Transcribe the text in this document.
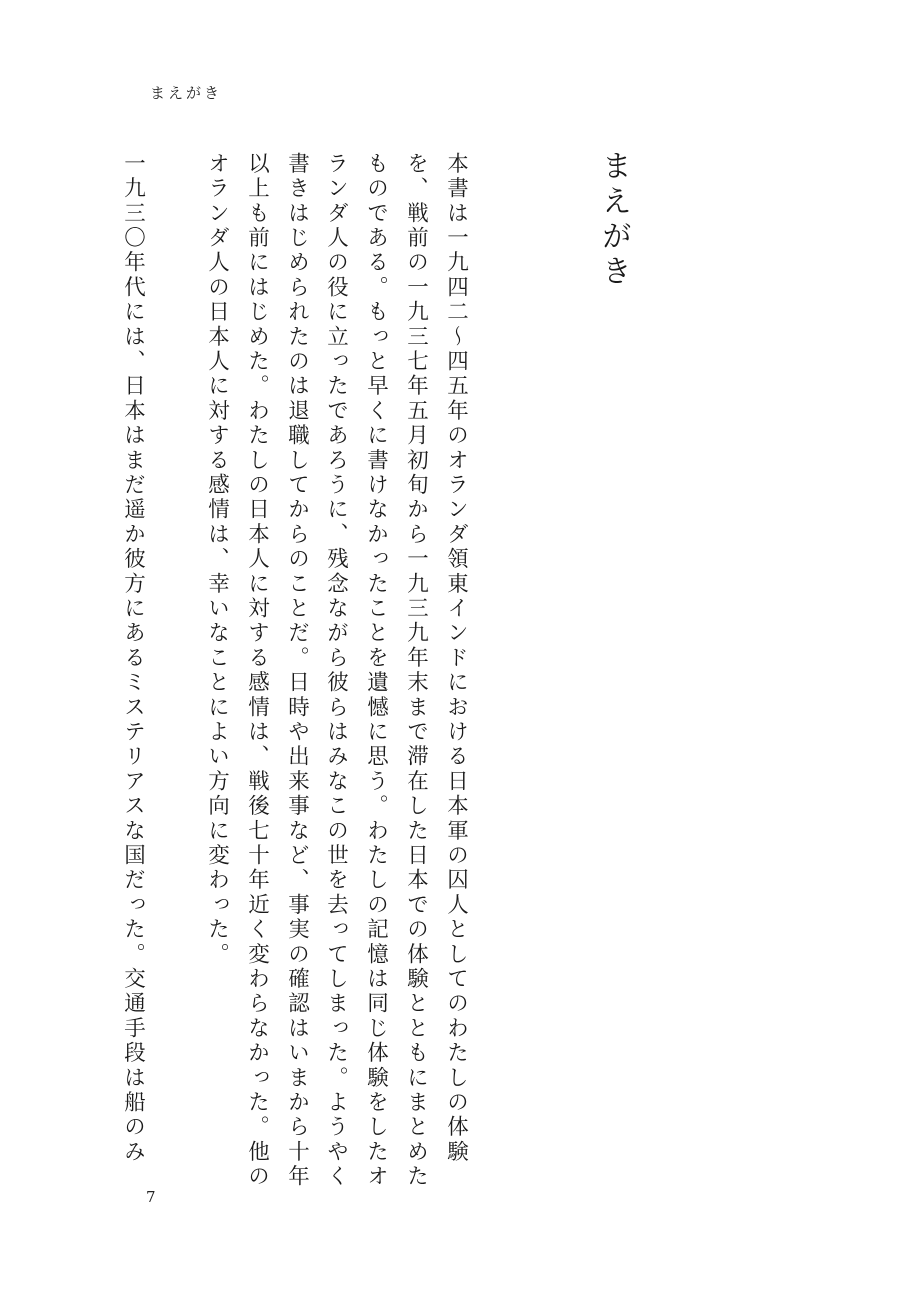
まえがき
まえがき
本書は一九四二〜四五年のオランダ領東インドにおける日本軍の囚人としてのわたしの体験
を、戦前の一九三七年五月初旬から一九三九年末まで滞在した日本での体験とともにまとめた
ものである。もっと早くに書けなかったことを遺憾に思う。わたしの記憶は同じ体験をしたオ
ランダ人の役に立ったであろうに、残念ながら彼らはみなこの世を去ってしまった。ようやく
書きはじめられたのは退職してからのことだ。日時や出来事など、事実の確認はいまから十年
以上も前にはじめた。わたしの日本人に対する感情は、戦後七十年近く変わらなかった。他の
オランダ人の日本人に対する感情は、幸いなことによい方向に変わった。
一九三〇年代には、日本はまだ遥か彼方にあるミステリアスな国だった。交通手段は船のみ
7
